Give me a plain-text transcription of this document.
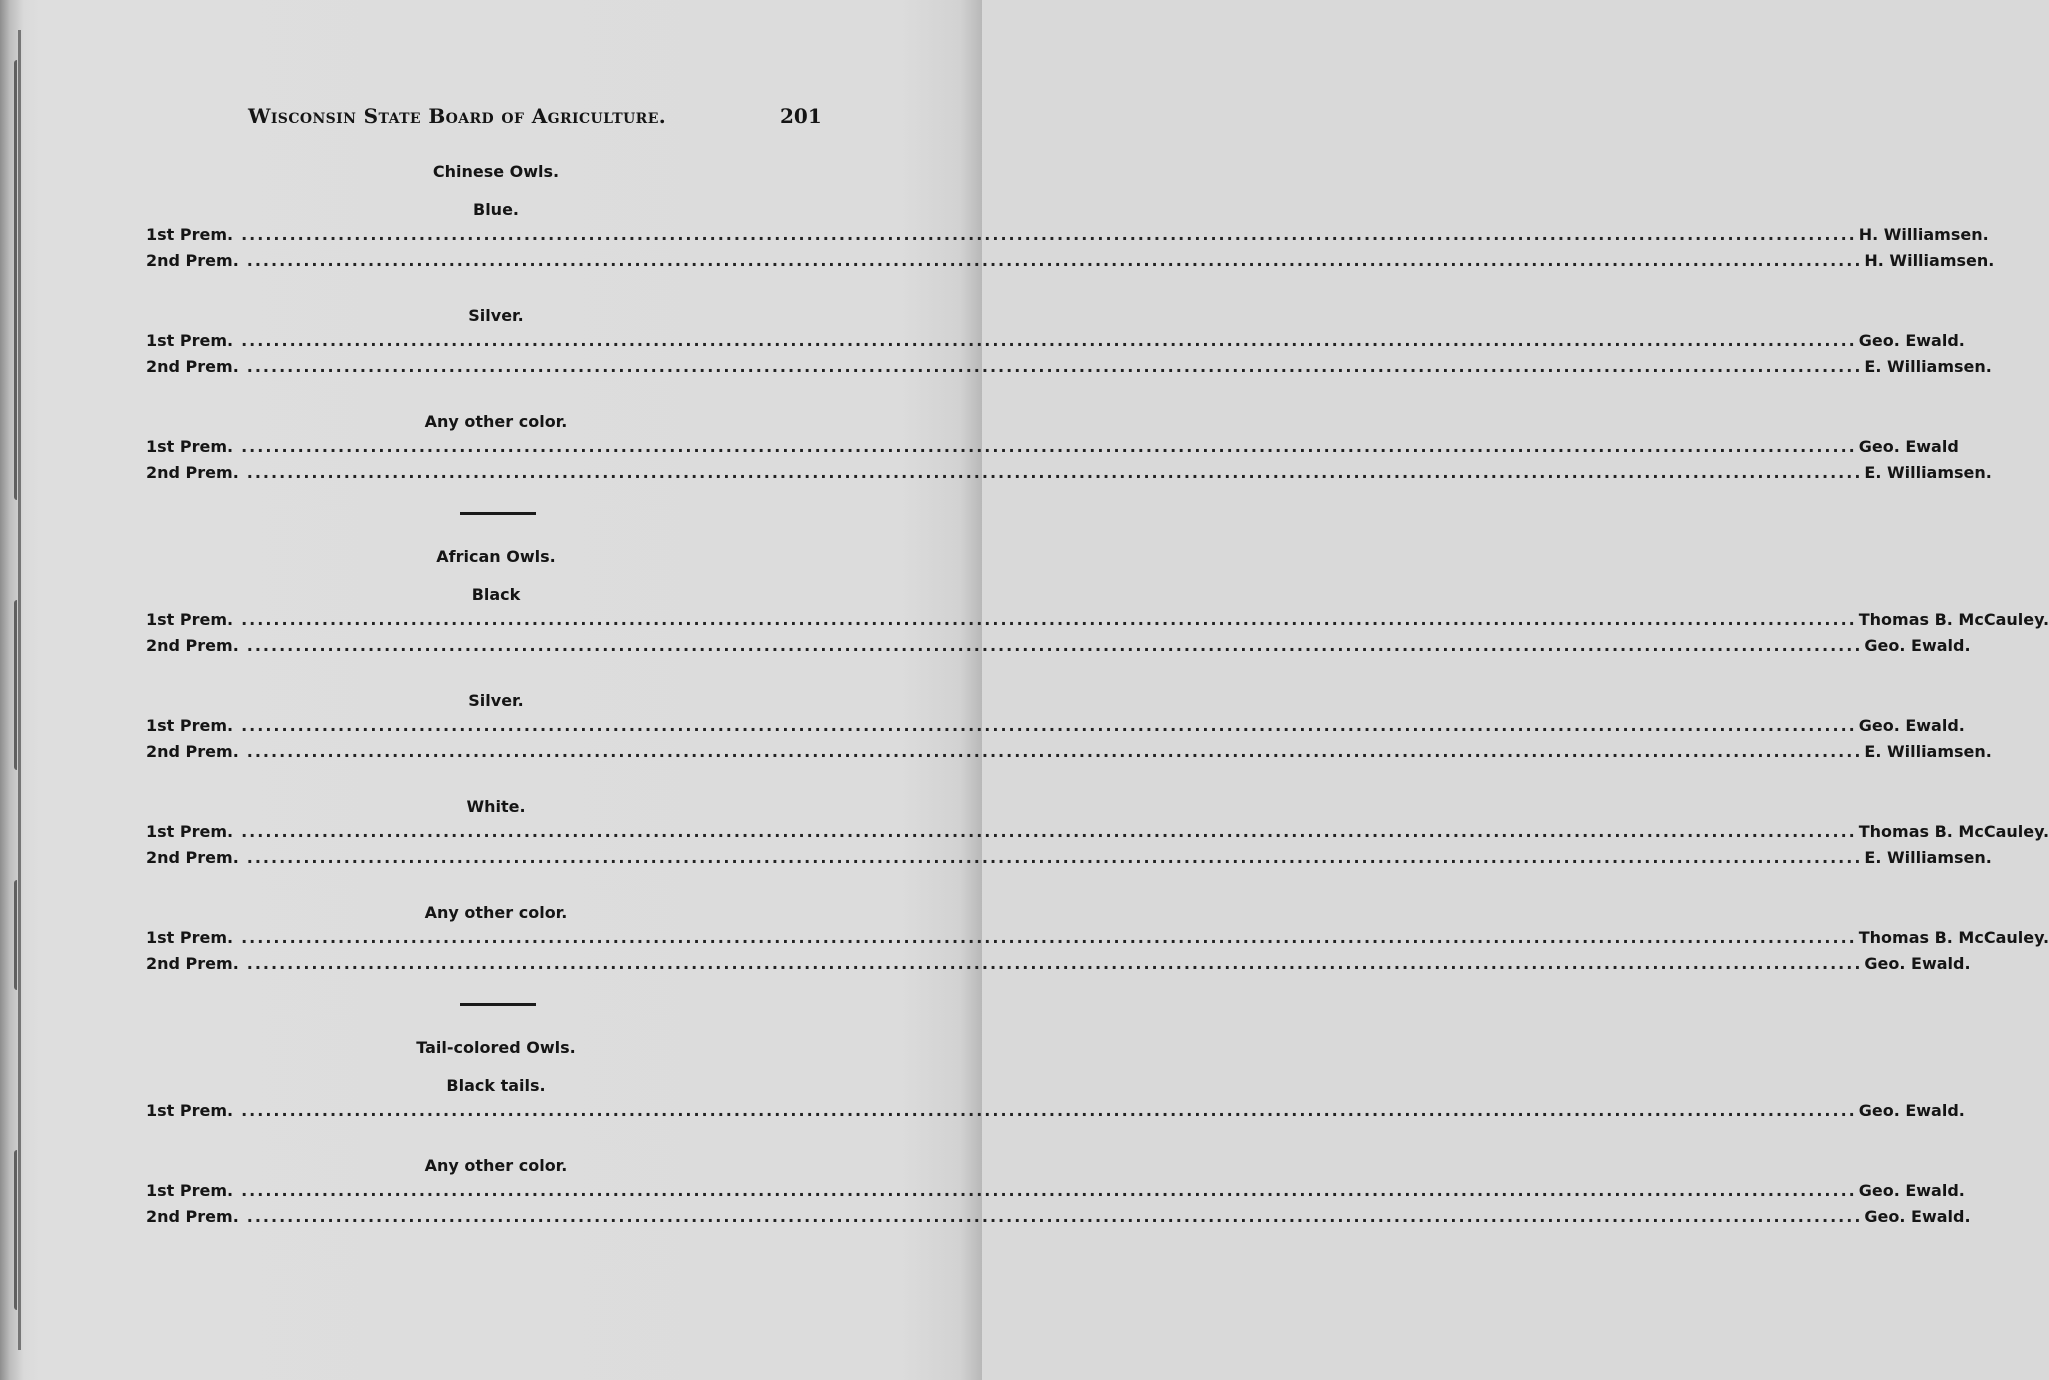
Wisconsin State Board of Agriculture.	201
Chinese Owls.
Blue.
1st Prem. ........................................................................................................................................................................................................ H. Williamsen.
2nd Prem. ........................................................................................................................................................................................................ H. Williamsen.
Silver.
1st Prem. ........................................................................................................................................................................................................ Geo. Ewald.
2nd Prem. ........................................................................................................................................................................................................ E. Williamsen.
Any other color.
1st Prem. ........................................................................................................................................................................................................ Geo. Ewald
2nd Prem. ........................................................................................................................................................................................................ E. Williamsen.
African Owls.
Black
1st Prem. ........................................................................................................................................................................................................ Thomas B. McCauley.
2nd Prem. ........................................................................................................................................................................................................ Geo. Ewald.
Silver.
1st Prem. ........................................................................................................................................................................................................ Geo. Ewald.
2nd Prem. ........................................................................................................................................................................................................ E. Williamsen.
White.
1st Prem. ........................................................................................................................................................................................................ Thomas B. McCauley.
2nd Prem. ........................................................................................................................................................................................................ E. Williamsen.
Any other color.
1st Prem. ........................................................................................................................................................................................................ Thomas B. McCauley.
2nd Prem. ........................................................................................................................................................................................................ Geo. Ewald.
Tail-colored Owls.
Black tails.
1st Prem. ........................................................................................................................................................................................................ Geo. Ewald.
Any other color.
1st Prem. ........................................................................................................................................................................................................ Geo. Ewald.
2nd Prem. ........................................................................................................................................................................................................ Geo. Ewald.
